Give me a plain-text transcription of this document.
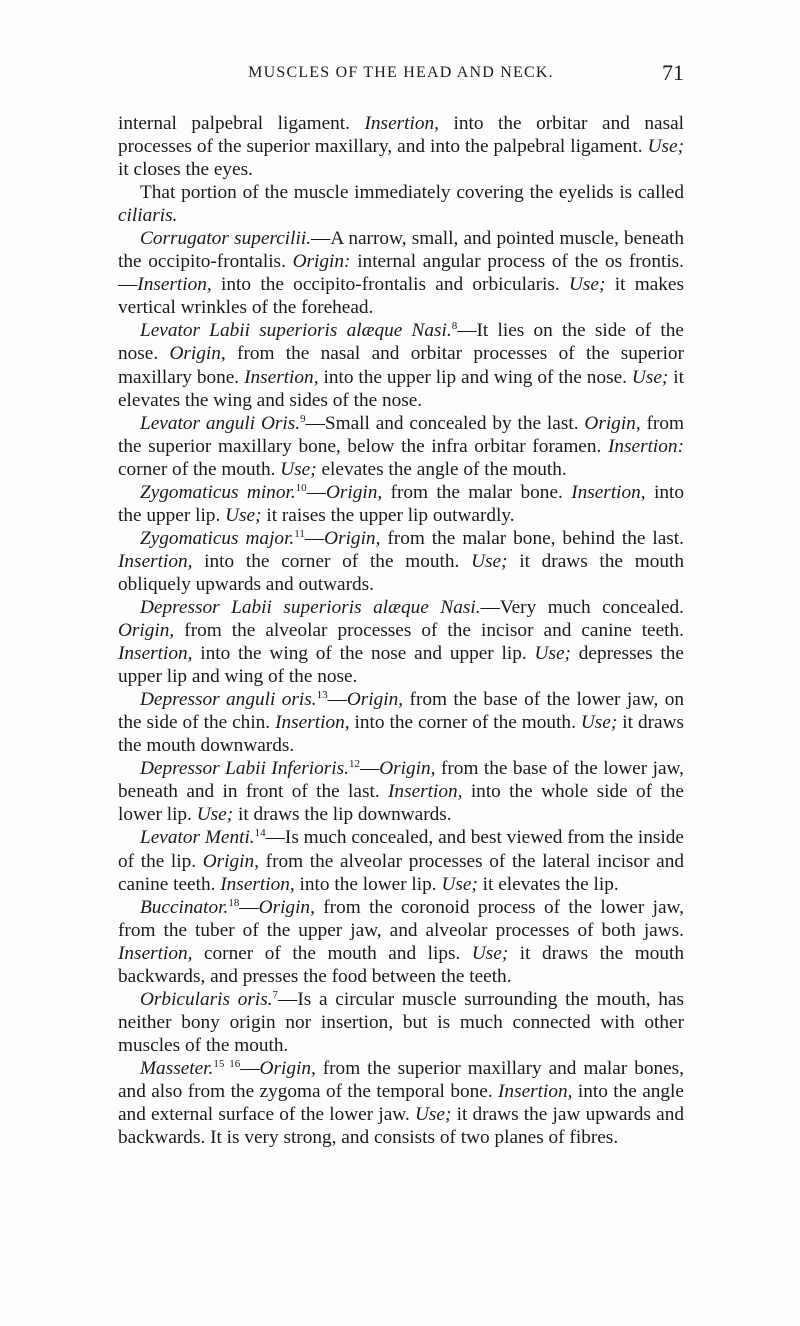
MUSCLES OF THE HEAD AND NECK.	71

internal palpebral ligament. Insertion, into the orbitar and nasal processes of the superior maxillary, and into the palpebral ligament. Use; it closes the eyes.

That portion of the muscle immediately covering the eyelids is called ciliaris.

Corrugator supercilii.—A narrow, small, and pointed muscle, beneath the occipito-frontalis. Origin: internal angular process of the os frontis.—Insertion, into the occipito-frontalis and orbicularis. Use; it makes vertical wrinkles of the forehead.

Levator Labii superioris alæque Nasi.$^8$—It lies on the side of the nose. Origin, from the nasal and orbitar processes of the superior maxillary bone. Insertion, into the upper lip and wing of the nose. Use; it elevates the wing and sides of the nose.

Levator anguli Oris.$^9$—Small and concealed by the last. Origin, from the superior maxillary bone, below the infra orbitar foramen. Insertion: corner of the mouth. Use; elevates the angle of the mouth.

Zygomaticus minor.$^{10}$—Origin, from the malar bone. Insertion, into the upper lip. Use; it raises the upper lip outwardly.

Zygomaticus major.$^{11}$—Origin, from the malar bone, behind the last. Insertion, into the corner of the mouth. Use; it draws the mouth obliquely upwards and outwards.

Depressor Labii superioris alæque Nasi.—Very much concealed. Origin, from the alveolar processes of the incisor and canine teeth. Insertion, into the wing of the nose and upper lip. Use; depresses the upper lip and wing of the nose.

Depressor anguli oris.$^{13}$—Origin, from the base of the lower jaw, on the side of the chin. Insertion, into the corner of the mouth. Use; it draws the mouth downwards.

Depressor Labii Inferioris.$^{12}$—Origin, from the base of the lower jaw, beneath and in front of the last. Insertion, into the whole side of the lower lip. Use; it draws the lip downwards.

Levator Menti.$^{14}$—Is much concealed, and best viewed from the inside of the lip. Origin, from the alveolar processes of the lateral incisor and canine teeth. Insertion, into the lower lip. Use; it elevates the lip.

Buccinator.$^{18}$—Origin, from the coronoid process of the lower jaw, from the tuber of the upper jaw, and alveolar processes of both jaws. Insertion, corner of the mouth and lips. Use; it draws the mouth backwards, and presses the food between the teeth.

Orbicularis oris.$^7$—Is a circular muscle surrounding the mouth, has neither bony origin nor insertion, but is much connected with other muscles of the mouth.

Masseter.$^{15 16}$—Origin, from the superior maxillary and malar bones, and also from the zygoma of the temporal bone. Insertion, into the angle and external surface of the lower jaw. Use; it draws the jaw upwards and backwards. It is very strong, and consists of two planes of fibres.
